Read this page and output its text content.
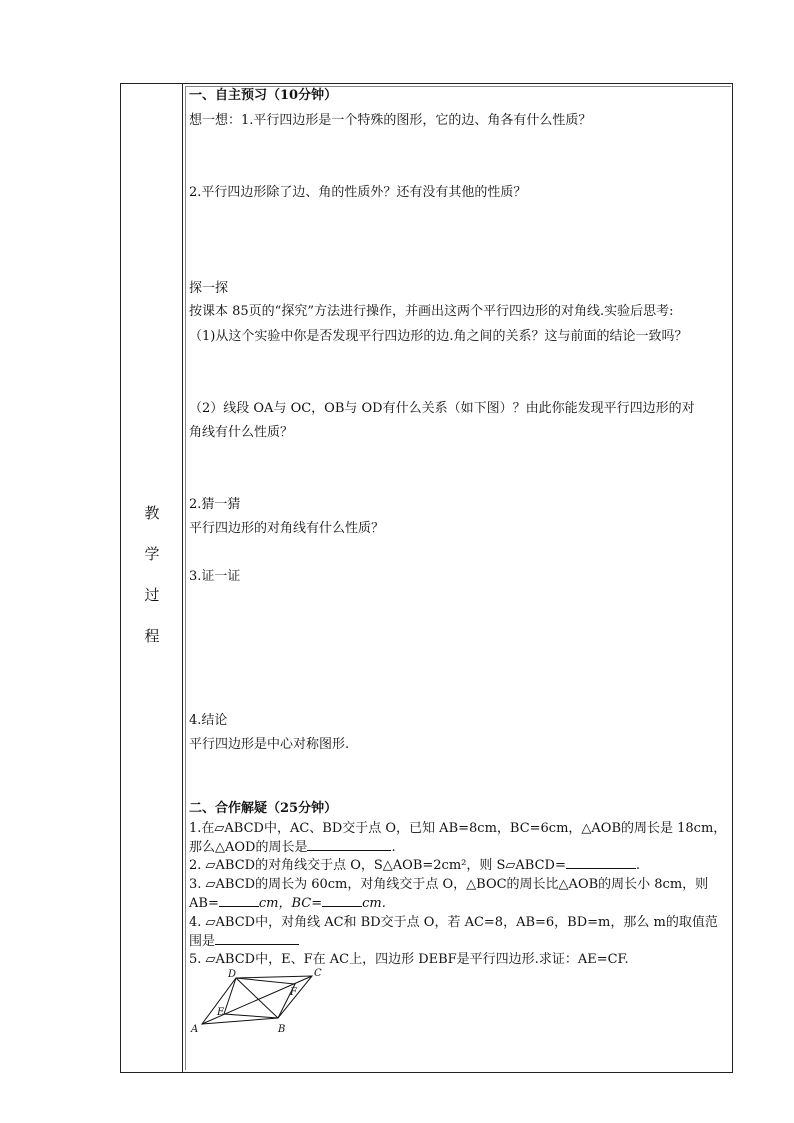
教
学
过
程
一、自主预习（10分钟）
想一想：1.平行四边形是一个特殊的图形，它的边、角各有什么性质？
2.平行四边形除了边、角的性质外？还有没有其他的性质？
探一探
按课本 85页的“探究”方法进行操作，并画出这两个平行四边形的对角线.实验后思考:
（1)从这个实验中你是否发现平行四边形的边.角之间的关系？这与前面的结论一致吗？
（2）线段 OA与 OC，OB与 OD有什么关系（如下图）？由此你能发现平行四边形的对
角线有什么性质？
2.猜一猜
平行四边形的对角线有什么性质？
3.证一证
4.结论
平行四边形是中心对称图形.
二、合作解疑（25分钟）
1.在▱ABCD中，AC、BD交于点 O，已知 AB=8cm，BC=6cm，△AOB的周长是 18cm，
那么△AOD的周长是	.
2. ▱ABCD的对角线交于点 O，S△AOB=2cm²，则 S▱ABCD=	.
3. ▱ABCD的周长为 60cm，对角线交于点 O，△BOC的周长比△AOB的周长小 8cm，则
AB=	cm，BC=	cm.
4. ▱ABCD中，对角线 AC和 BD交于点 O，若 AC=8，AB=6，BD=m，那么 m的取值范
围是
5. ▱ABCD中，E、F在 AC上，四边形 DEBF是平行四边形.求证：AE=CF.
A	B
C
D
E
F
